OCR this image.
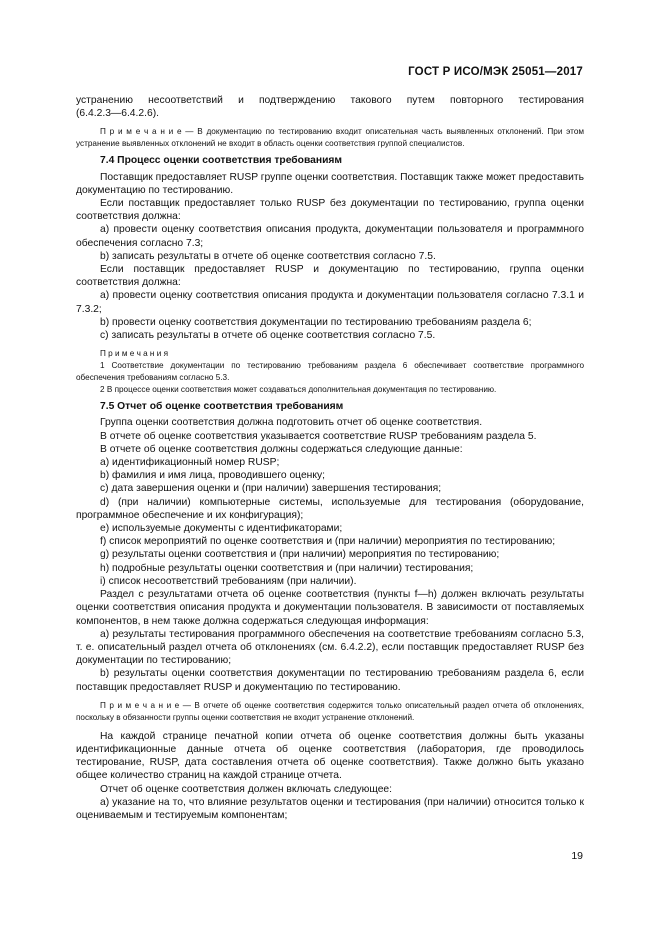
ГОСТ Р ИСО/МЭК 25051—2017

устранению несоответствий и подтверждению такового путем повторного тестирования

(6.4.2.3—6.4.2.6).

П р и м е ч а н и е — В документацию по тестированию входит описательная часть выявленных отклонений. При этом устранение выявленных отклонений не входит в область оценки соответствия группой специалистов.

7.4 Процесс оценки соответствия требованиям

Поставщик предоставляет RUSP группе оценки соответствия. Поставщик также может предоставить документацию по тестированию.

Если поставщик предоставляет только RUSP без документации по тестированию, группа оценки соответствия должна:

а) провести оценку соответствия описания продукта, документации пользователя и программного обеспечения согласно 7.3;

b) записать результаты в отчете об оценке соответствия согласно 7.5.

Если поставщик предоставляет RUSP и документацию по тестированию, группа оценки соответствия должна:

а) провести оценку соответствия описания продукта и документации пользователя согласно 7.3.1 и 7.3.2;

b) провести оценку соответствия документации по тестированию требованиям раздела 6;

c) записать результаты в отчете об оценке соответствия согласно 7.5.

П р и м е ч а н и я

1 Соответствие документации по тестированию требованиям раздела 6 обеспечивает соответствие программного обеспечения требованиям согласно 5.3.

2 В процессе оценки соответствия может создаваться дополнительная документация по тестированию.

7.5 Отчет об оценке соответствия требованиям

Группа оценки соответствия должна подготовить отчет об оценке соответствия.

В отчете об оценке соответствия указывается соответствие RUSP требованиям раздела 5.

В отчете об оценке соответствия должны содержаться следующие данные:

а) идентификационный номер RUSP;

b) фамилия и имя лица, проводившего оценку;

c) дата завершения оценки и (при наличии) завершения тестирования;

d) (при наличии) компьютерные системы, используемые для тестирования (оборудование, программное обеспечение и их конфигурация);

e) используемые документы с идентификаторами;

f) список мероприятий по оценке соответствия и (при наличии) мероприятия по тестированию;

g) результаты оценки соответствия и (при наличии) мероприятия по тестированию;

h) подробные результаты оценки соответствия и (при наличии) тестирования;

i) список несоответствий требованиям (при наличии).

Раздел с результатами отчета об оценке соответствия (пункты f—h) должен включать результаты оценки соответствия описания продукта и документации пользователя. В зависимости от поставляемых компонентов, в нем также должна содержаться следующая информация:

а) результаты тестирования программного обеспечения на соответствие требованиям согласно 5.3, т. е. описательный раздел отчета об отклонениях (см. 6.4.2.2), если поставщик предоставляет RUSP без документации по тестированию;

b) результаты оценки соответствия документации по тестированию требованиям раздела 6, если поставщик предоставляет RUSP и документацию по тестированию.

П р и м е ч а н и е — В отчете об оценке соответствия содержится только описательный раздел отчета об отклонениях, поскольку в обязанности группы оценки соответствия не входит устранение отклонений.

На каждой странице печатной копии отчета об оценке соответствия должны быть указаны идентификационные данные отчета об оценке соответствия (лаборатория, где проводилось тестирование, RUSP, дата составления отчета об оценке соответствия). Также должно быть указано общее количество страниц на каждой странице отчета.

Отчет об оценке соответствия должен включать следующее:

а) указание на то, что влияние результатов оценки и тестирования (при наличии) относится только к оцениваемым и тестируемым компонентам;

19
